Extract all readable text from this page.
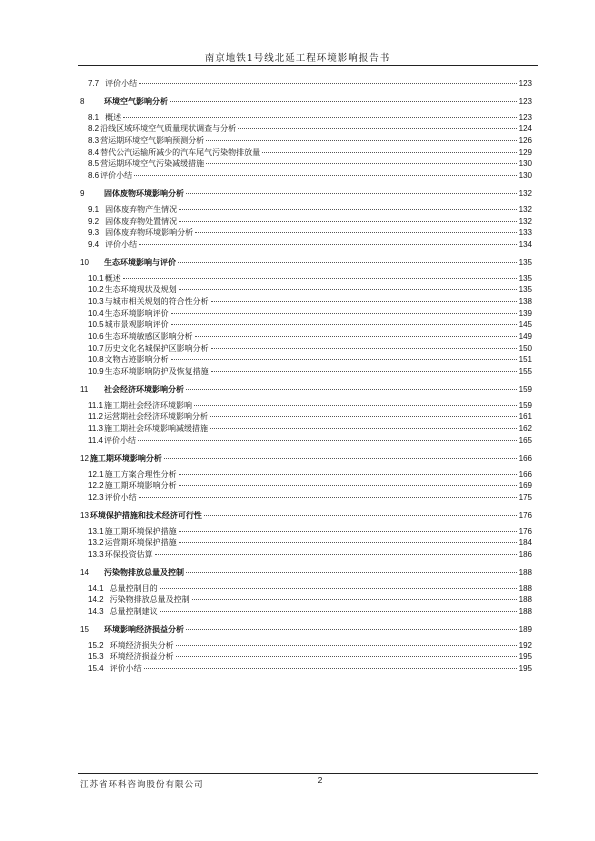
南京地铁1号线北延工程环境影响报告书
7.7 评价小结	123
8	环境空气影响分析	123
8.1 概述	123
8.2 沿线区域环境空气质量现状调查与分析	124
8.3 营运期环境空气影响预测分析	126
8.4 替代公汽运输所减少的汽车尾气污染物排放量	129
8.5 营运期环境空气污染减缓措施	130
8.6 评价小结	130
9	固体废物环境影响分析	132
9.1 固体废弃物产生情况	132
9.2 固体废弃物处置情况	132
9.3 固体废弃物环境影响分析	133
9.4 评价小结	134
10	生态环境影响与评价	135
10.1 概述	135
10.2 生态环境现状及规划	135
10.3 与城市相关规划的符合性分析	138
10.4 生态环境影响评价	139
10.5 城市景观影响评价	145
10.6 生态环境敏感区影响分析	149
10.7 历史文化名城保护区影响分析	150
10.8 文物古迹影响分析	151
10.9 生态环境影响防护及恢复措施	155
11	社会经济环境影响分析	159
11.1 施工期社会经济环境影响	159
11.2 运营期社会经济环境影响分析	161
11.3 施工期社会环境影响减缓措施	162
11.4 评价小结	165
12 施工期环境影响分析	166
12.1 施工方案合理性分析	166
12.2 施工期环境影响分析	169
12.3 评价小结	175
13 环境保护措施和技术经济可行性	176
13.1 施工期环境保护措施	176
13.2 运营期环境保护措施	184
13.3 环保投资估算	186
14	污染物排放总量及控制	188
14.1 总量控制目的	188
14.2 污染物排放总量及控制	188
14.3 总量控制建议	188
15	环境影响经济损益分析	189
15.2 环境经济损失分析	192
15.3 环境经济损益分析	195
15.4 评价小结	195
江苏省环科咨询股份有限公司	2
